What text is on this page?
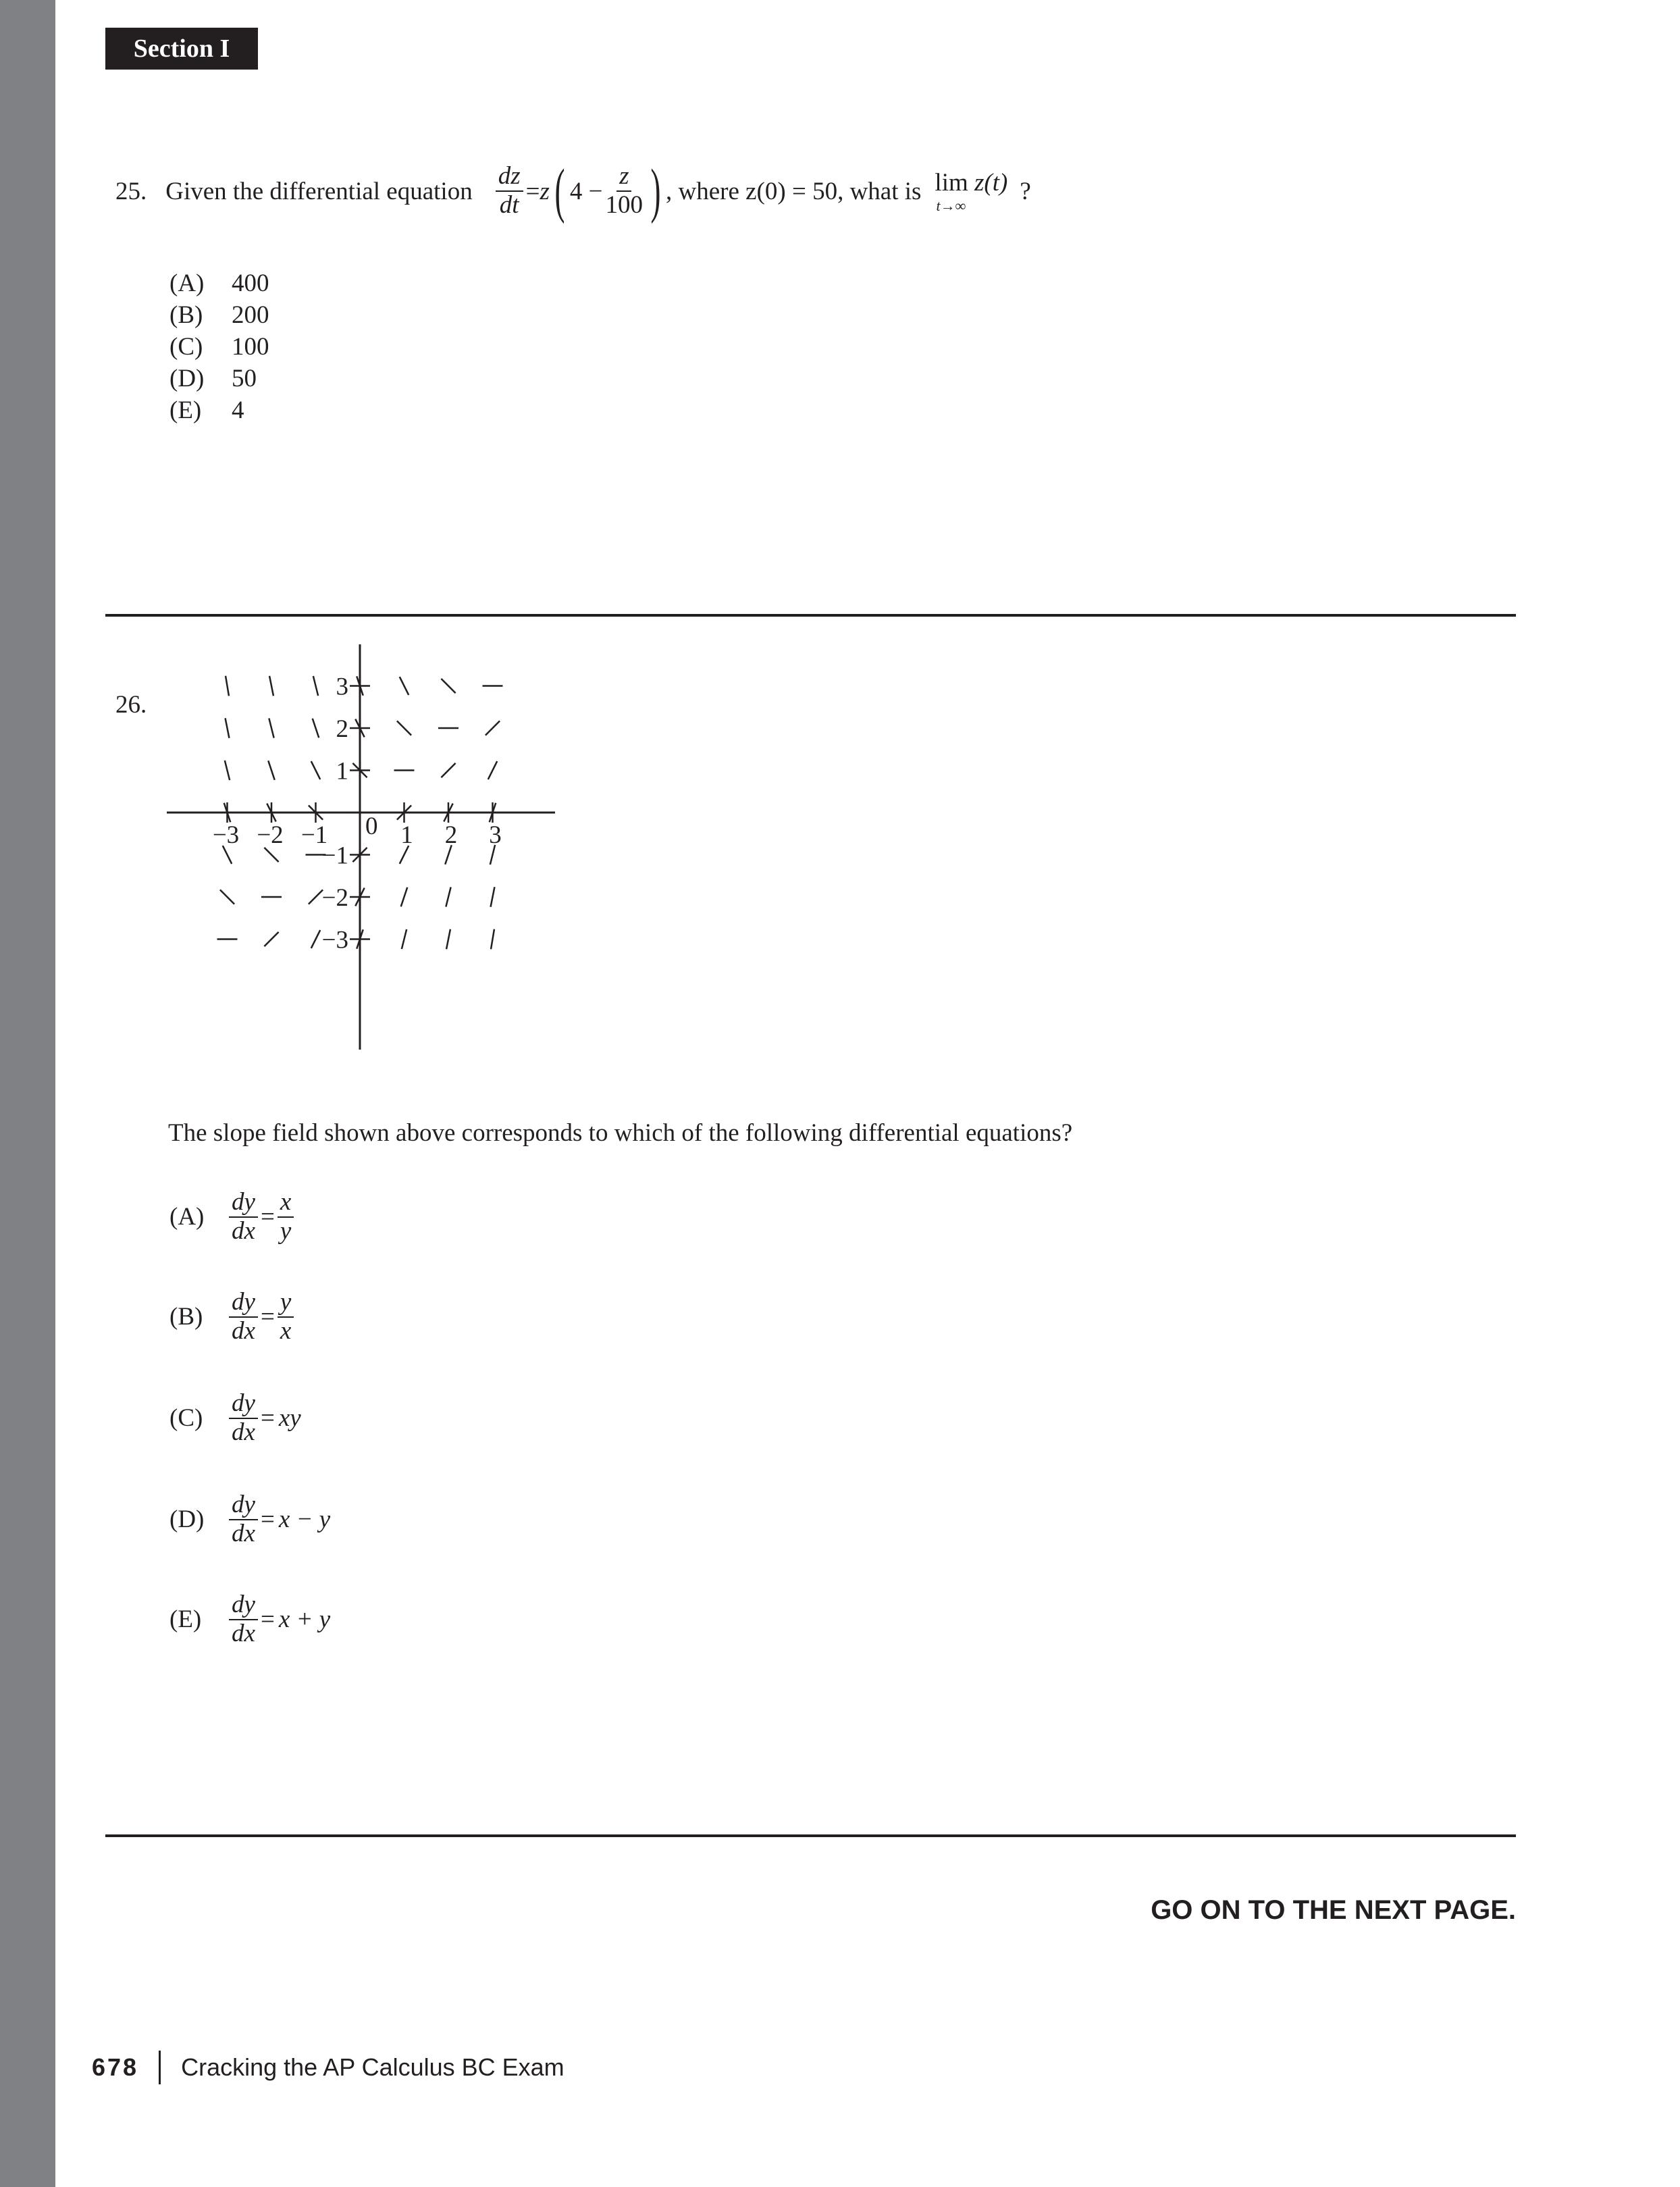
Section I
25. Given the differential equation $\frac{dz}{dt} = z$ ( $4 - \frac{z}{100}$ ) , where z(0) = 50, what is lim z(t)
t→∞
?
(A) 400
(B) 200
(C) 100
(D) 50
(E) 4
26.
−3 −2 −1	1 2 3
3
2
1
−1
−2
−3
0
The slope field shown above corresponds to which of the following differential equations?
$(A) \frac{dy}{dx} = \frac{x}{y}$
(B)	$\frac{dy}{dx} = \frac{y}{x}$
(C)	$\frac{dy}{dx}$ = xy
$(D) \frac{dy}{dx} = x - y$
(E)	$\frac{dy}{dx} = x + y$
GO ON TO THE NEXT PAGE.
678 Cracking the AP Calculus BC Exam
